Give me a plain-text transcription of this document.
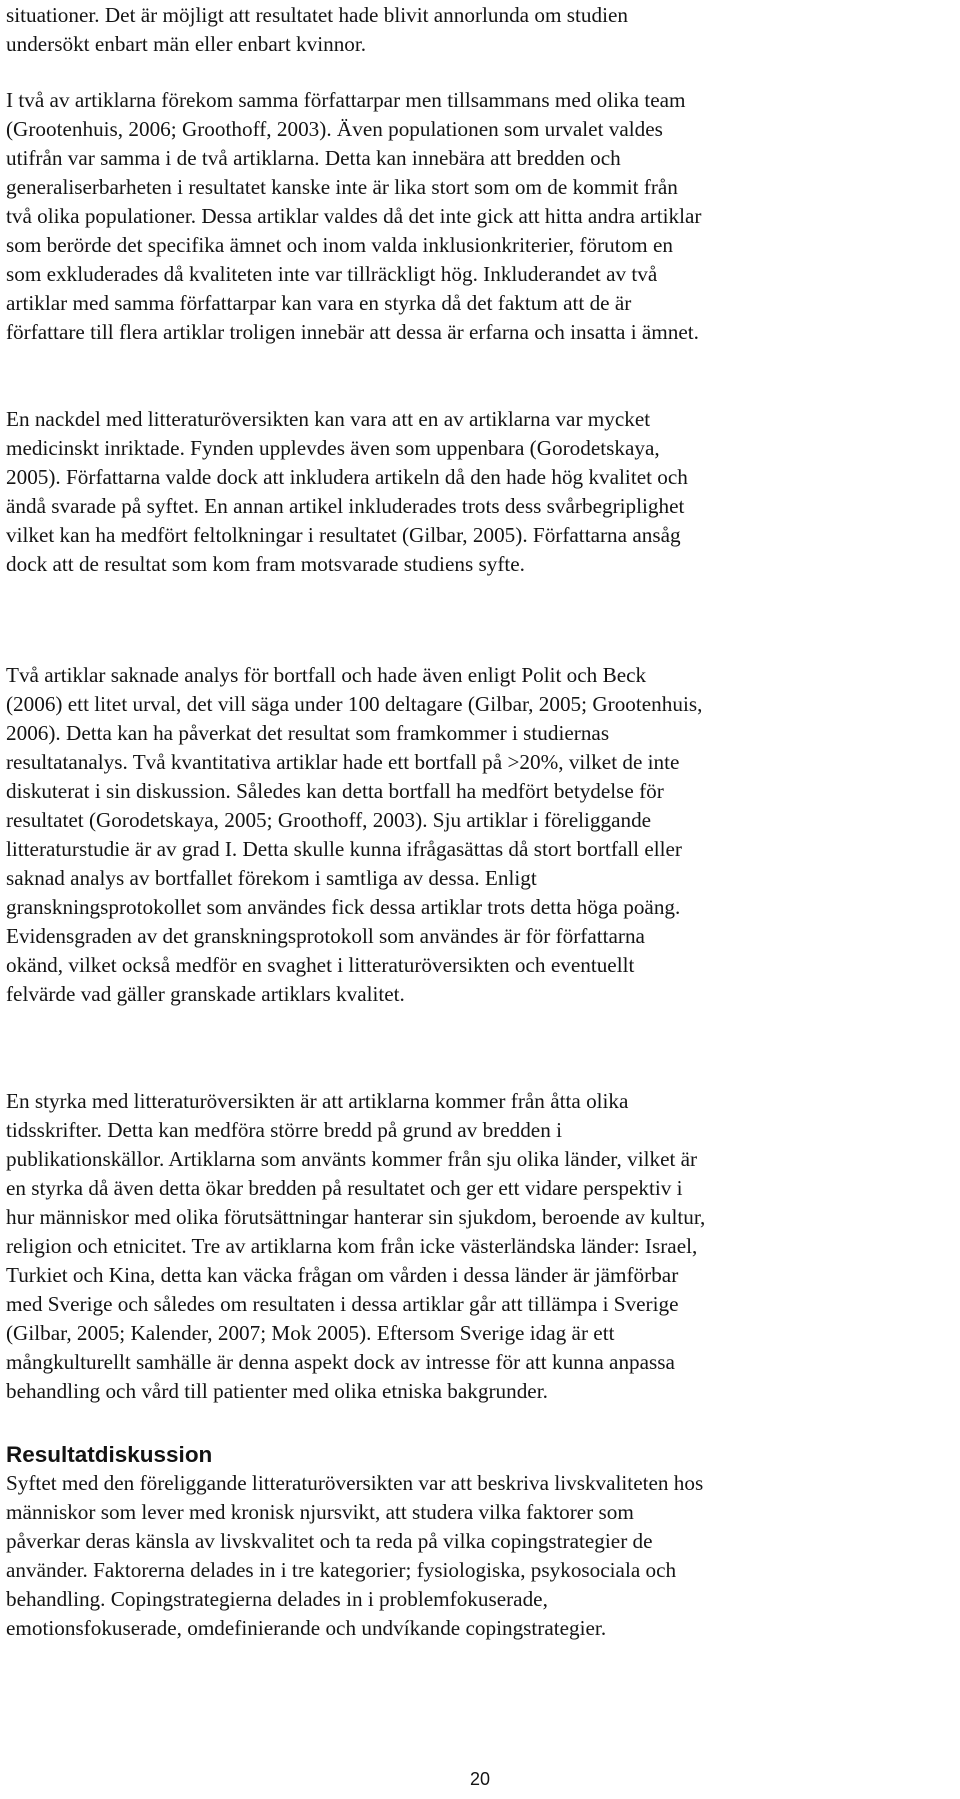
situationer. Det är möjligt att resultatet hade blivit annorlunda om studien
undersökt enbart män eller enbart kvinnor.

I två av artiklarna förekom samma författarpar men tillsammans med olika team
(Grootenhuis, 2006; Groothoff, 2003). Även populationen som urvalet valdes
utifrån var samma i de två artiklarna. Detta kan innebära att bredden och
generaliserbarheten i resultatet kanske inte är lika stort som om de kommit från
två olika populationer. Dessa artiklar valdes då det inte gick att hitta andra artiklar
som berörde det specifika ämnet och inom valda inklusionkriterier, förutom en
som exkluderades då kvaliteten inte var tillräckligt hög. Inkluderandet av två
artiklar med samma författarpar kan vara en styrka då det faktum att de är
författare till flera artiklar troligen innebär att dessa är erfarna och insatta i ämnet.

En nackdel med litteraturöversikten kan vara att en av artiklarna var mycket
medicinskt inriktade. Fynden upplevdes även som uppenbara (Gorodetskaya,
2005). Författarna valde dock att inkludera artikeln då den hade hög kvalitet och
ändå svarade på syftet. En annan artikel inkluderades trots dess svårbegriplighet
vilket kan ha medfört feltolkningar i resultatet (Gilbar, 2005). Författarna ansåg
dock att de resultat som kom fram motsvarade studiens syfte.

Två artiklar saknade analys för bortfall och hade även enligt Polit och Beck
(2006) ett litet urval, det vill säga under 100 deltagare (Gilbar, 2005; Grootenhuis,
2006). Detta kan ha påverkat det resultat som framkommer i studiernas
resultatanalys. Två kvantitativa artiklar hade ett bortfall på >20%, vilket de inte
diskuterat i sin diskussion. Således kan detta bortfall ha medfört betydelse för
resultatet (Gorodetskaya, 2005; Groothoff, 2003). Sju artiklar i föreliggande
litteraturstudie är av grad I. Detta skulle kunna ifrågasättas då stort bortfall eller
saknad analys av bortfallet förekom i samtliga av dessa. Enligt
granskningsprotokollet som användes fick dessa artiklar trots detta höga poäng.
Evidensgraden av det granskningsprotokoll som användes är för författarna
okänd, vilket också medför en svaghet i litteraturöversikten och eventuellt
felvärde vad gäller granskade artiklars kvalitet.

En styrka med litteraturöversikten är att artiklarna kommer från åtta olika
tidsskrifter. Detta kan medföra större bredd på grund av bredden i
publikationskällor. Artiklarna som använts kommer från sju olika länder, vilket är
en styrka då även detta ökar bredden på resultatet och ger ett vidare perspektiv i
hur människor med olika förutsättningar hanterar sin sjukdom, beroende av kultur,
religion och etnicitet. Tre av artiklarna kom från icke västerländska länder: Israel,
Turkiet och Kina, detta kan väcka frågan om vården i dessa länder är jämförbar
med Sverige och således om resultaten i dessa artiklar går att tillämpa i Sverige
(Gilbar, 2005; Kalender, 2007; Mok 2005). Eftersom Sverige idag är ett
mångkulturellt samhälle är denna aspekt dock av intresse för att kunna anpassa
behandling och vård till patienter med olika etniska bakgrunder.

Resultatdiskussion

Syftet med den föreliggande litteraturöversikten var att beskriva livskvaliteten hos
människor som lever med kronisk njursvikt, att studera vilka faktorer som
påverkar deras känsla av livskvalitet och ta reda på vilka copingstrategier de
använder. Faktorerna delades in i tre kategorier; fysiologiska, psykosociala och
behandling. Copingstrategierna delades in i problemfokuserade,
emotionsfokuserade, omdefinierande och undvíkande copingstrategier.

20
